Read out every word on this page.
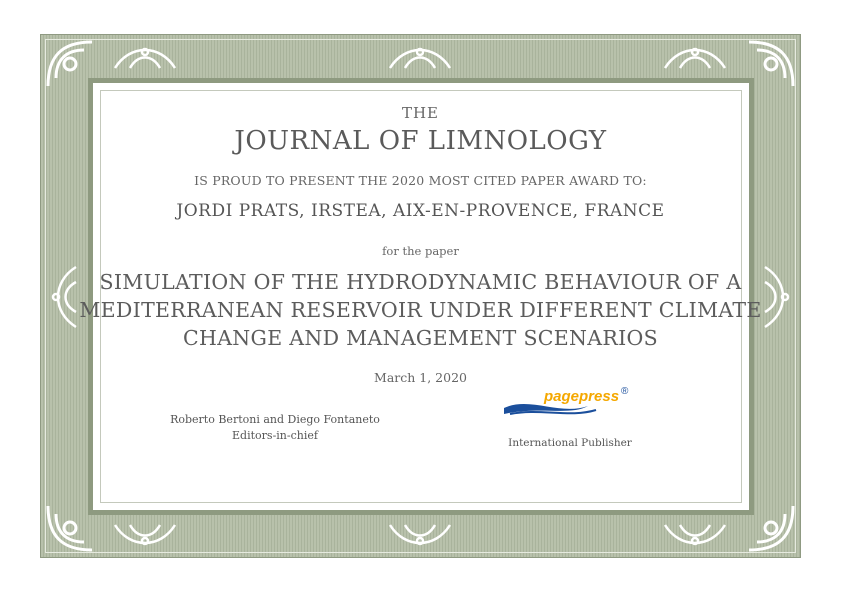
THE
JOURNAL OF LIMNOLOGY
IS PROUD TO PRESENT THE 2020 MOST CITED PAPER AWARD TO:
JORDI PRATS, IRSTEA, AIX-EN-PROVENCE, FRANCE
for the paper
SIMULATION OF THE HYDRODYNAMIC BEHAVIOUR OF A
MEDITERRANEAN RESERVOIR UNDER DIFFERENT CLIMATE
CHANGE AND MANAGEMENT SCENARIOS
March 1, 2020
Roberto Bertoni and Diego Fontaneto
Editors-in-chief
pagepress ®
International Publisher
